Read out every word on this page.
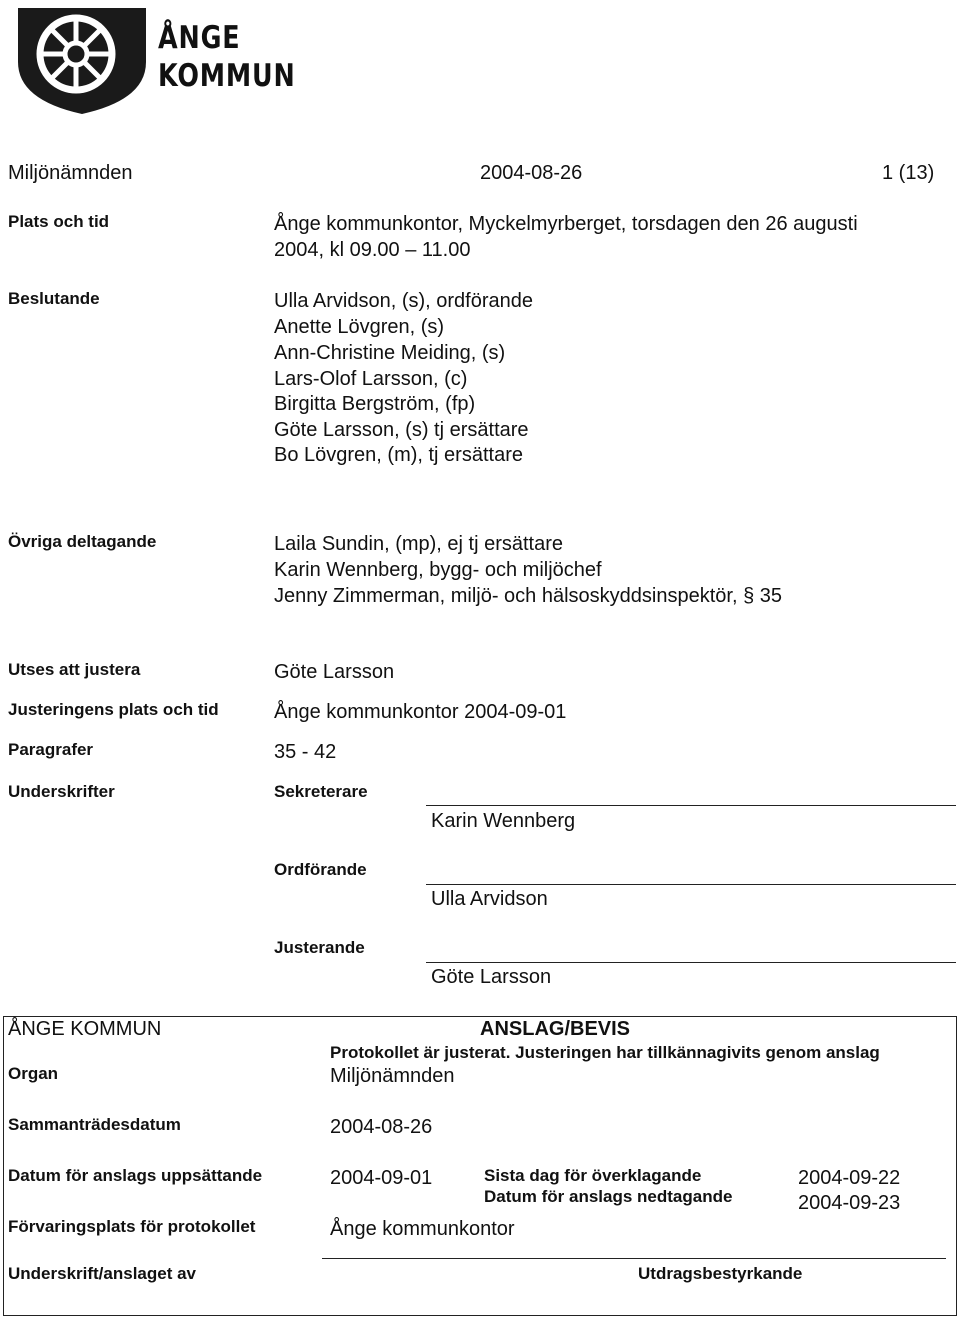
ÅNGE
KOMMUN
Miljönämnden	2004-08-26	1 (13)
Plats och tid	Ånge kommunkontor, Myckelmyrberget, torsdagen den 26 augusti
2004, kl 09.00 – 11.00
Beslutande	Ulla Arvidson, (s), ordförande
Anette Lövgren, (s)
Ann-Christine Meiding, (s)
Lars-Olof Larsson, (c)
Birgitta Bergström, (fp)
Göte Larsson, (s) tj ersättare
Bo Lövgren, (m), tj ersättare
Övriga deltagande	Laila Sundin, (mp), ej tj ersättare
Karin Wennberg, bygg- och miljöchef
Jenny Zimmerman, miljö- och hälsoskyddsinspektör, § 35
Utses att justera	Göte Larsson
Justeringens plats och tid	Ånge kommunkontor 2004-09-01
Paragrafer	35 - 42
Underskrifter	Sekreterare
Karin Wennberg
Ordförande
Ulla Arvidson
Justerande
Göte Larsson
ÅNGE KOMMUN	ANSLAG/BEVIS
Protokollet är justerat. Justeringen har tillkännagivits genom anslag
Organ	Miljönämnden
Sammanträdesdatum	2004-08-26
Datum för anslags uppsättande	2004-09-01	Sista dag för överklagande	2004-09-22
Datum för anslags nedtagande	2004-09-23
Förvaringsplats för protokollet	Ånge kommunkontor
Underskrift/anslaget av	Utdragsbestyrkande
